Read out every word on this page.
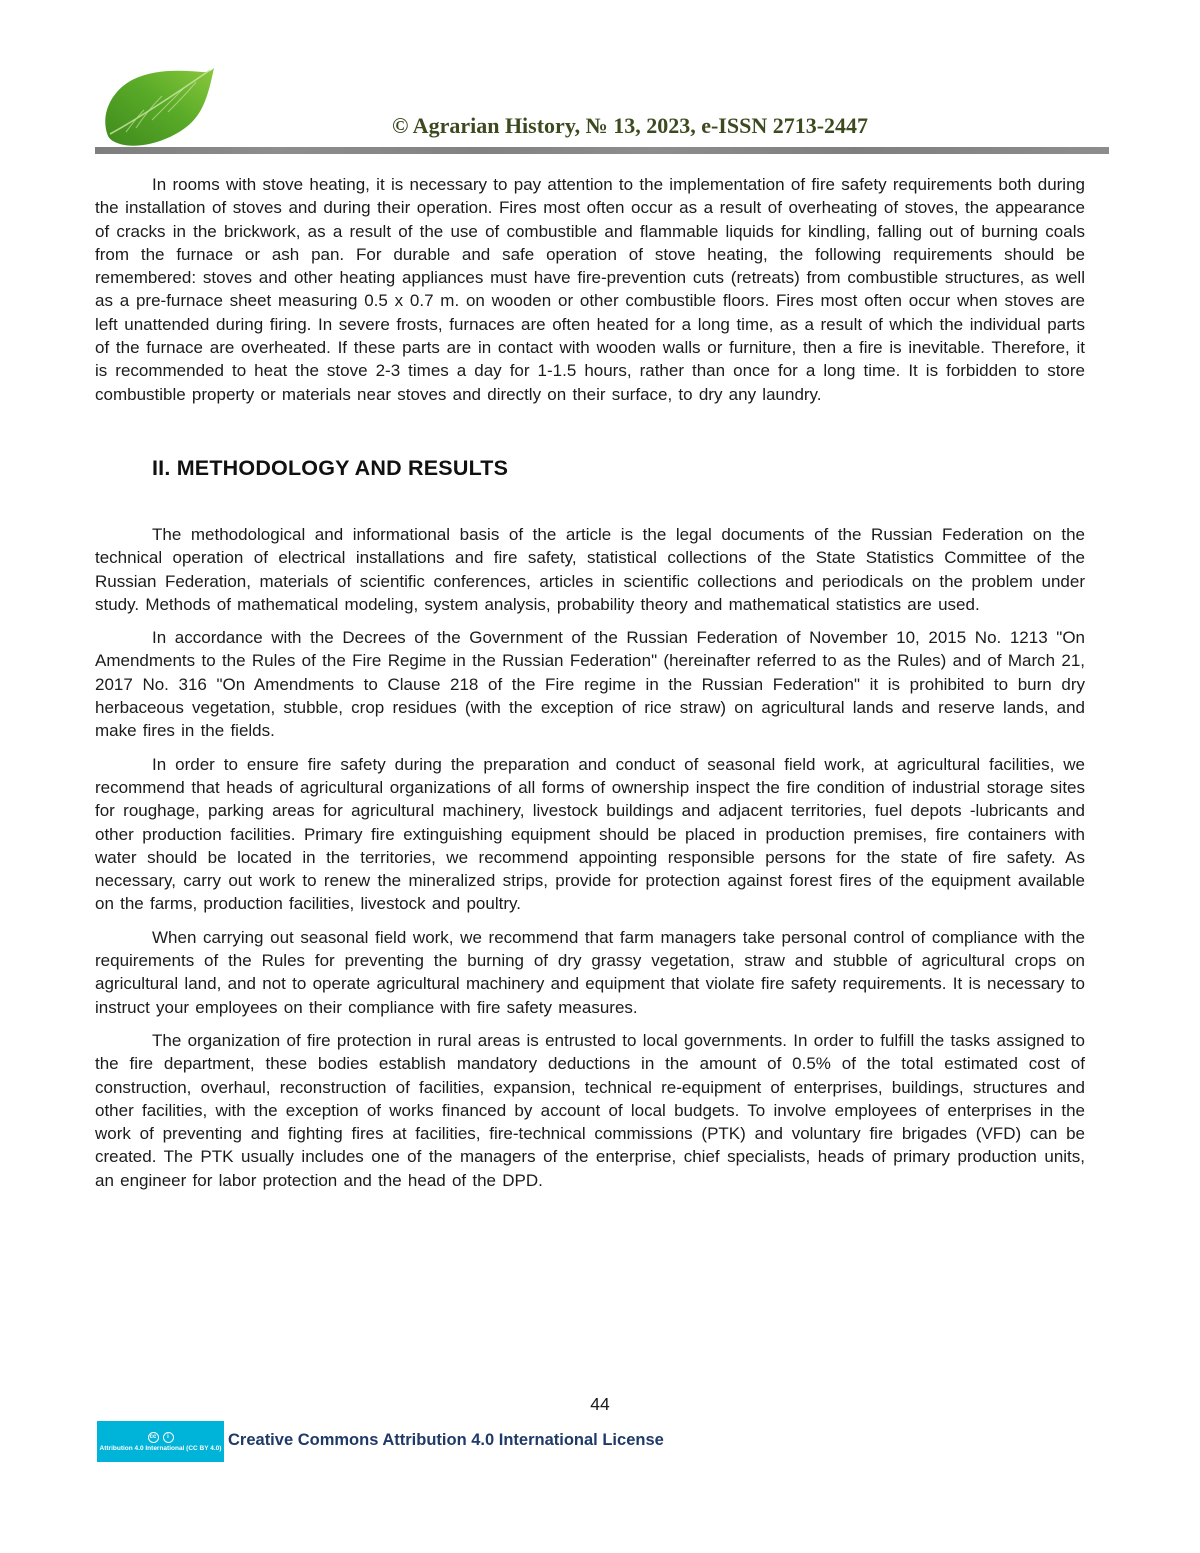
© Agrarian History, № 13, 2023, e-ISSN 2713-2447

In rooms with stove heating, it is necessary to pay attention to the implementation of fire safety requirements both during the installation of stoves and during their operation. Fires most often occur as a result of overheating of stoves, the appearance of cracks in the brickwork, as a result of the use of combustible and flammable liquids for kindling, falling out of burning coals from the furnace or ash pan. For durable and safe operation of stove heating, the following requirements should be remembered: stoves and other heating appliances must have fire-prevention cuts (retreats) from combustible structures, as well as a pre-furnace sheet measuring 0.5 x 0.7 m. on wooden or other combustible floors. Fires most often occur when stoves are left unattended during firing. In severe frosts, furnaces are often heated for a long time, as a result of which the individual parts of the furnace are overheated. If these parts are in contact with wooden walls or furniture, then a fire is inevitable. Therefore, it is recommended to heat the stove 2-3 times a day for 1-1.5 hours, rather than once for a long time. It is forbidden to store combustible property or materials near stoves and directly on their surface, to dry any laundry.

II. METHODOLOGY AND RESULTS

The methodological and informational basis of the article is the legal documents of the Russian Federation on the technical operation of electrical installations and fire safety, statistical collections of the State Statistics Committee of the Russian Federation, materials of scientific conferences, articles in scientific collections and periodicals on the problem under study. Methods of mathematical modeling, system analysis, probability theory and mathematical statistics are used.

In accordance with the Decrees of the Government of the Russian Federation of November 10, 2015 No. 1213 "On Amendments to the Rules of the Fire Regime in the Russian Federation" (hereinafter referred to as the Rules) and of March 21, 2017 No. 316 "On Amendments to Clause 218 of the Fire regime in the Russian Federation" it is prohibited to burn dry herbaceous vegetation, stubble, crop residues (with the exception of rice straw) on agricultural lands and reserve lands, and make fires in the fields.

In order to ensure fire safety during the preparation and conduct of seasonal field work, at agricultural facilities, we recommend that heads of agricultural organizations of all forms of ownership inspect the fire condition of industrial storage sites for roughage, parking areas for agricultural machinery, livestock buildings and adjacent territories, fuel depots -lubricants and other production facilities. Primary fire extinguishing equipment should be placed in production premises, fire containers with water should be located in the territories, we recommend appointing responsible persons for the state of fire safety. As necessary, carry out work to renew the mineralized strips, provide for protection against forest fires of the equipment available on the farms, production facilities, livestock and poultry.

When carrying out seasonal field work, we recommend that farm managers take personal control of compliance with the requirements of the Rules for preventing the burning of dry grassy vegetation, straw and stubble of agricultural crops on agricultural land, and not to operate agricultural machinery and equipment that violate fire safety requirements. It is necessary to instruct your employees on their compliance with fire safety measures.

The organization of fire protection in rural areas is entrusted to local governments. In order to fulfill the tasks assigned to the fire department, these bodies establish mandatory deductions in the amount of 0.5% of the total estimated cost of construction, overhaul, reconstruction of facilities, expansion, technical re-equipment of enterprises, buildings, structures and other facilities, with the exception of works financed by account of local budgets. To involve employees of enterprises in the work of preventing and fighting fires at facilities, fire-technical commissions (PTK) and voluntary fire brigades (VFD) can be created. The PTK usually includes one of the managers of the enterprise, chief specialists, heads of primary production units, an engineer for labor protection and the head of the DPD.

44
cc	i
Attribution 4.0 International (CC BY 4.0) Creative Commons Attribution 4.0 International License
